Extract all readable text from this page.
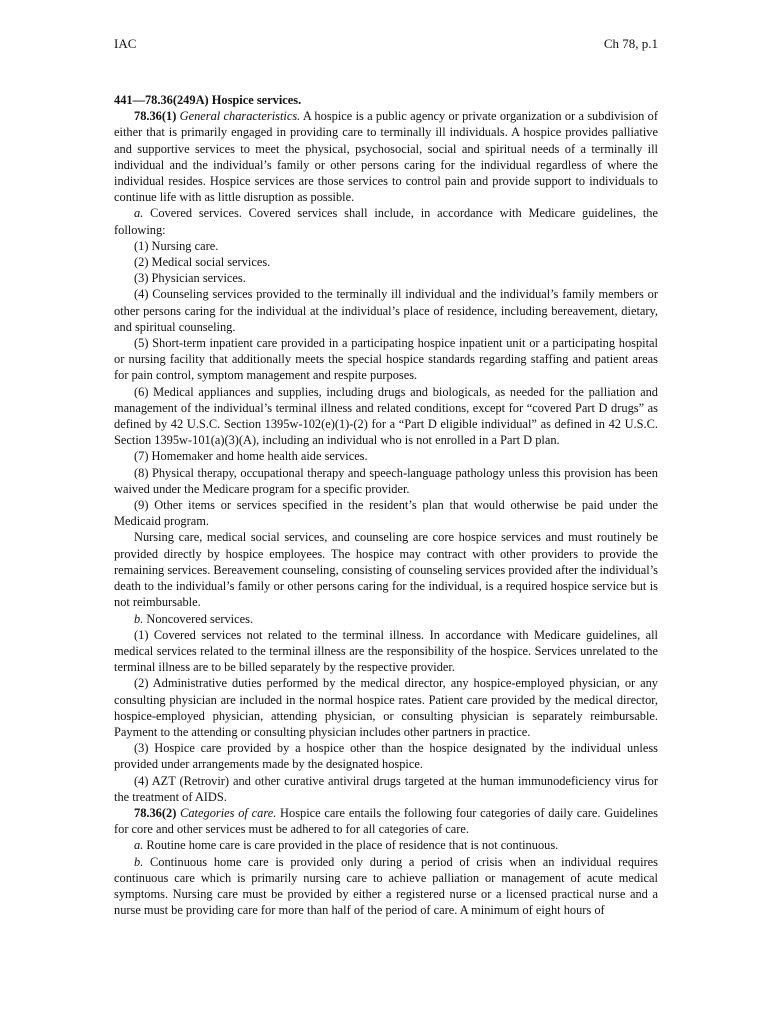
IAC	Ch 78, p.1

441—78.36(249A) Hospice services.

78.36(1) General characteristics. A hospice is a public agency or private organization or a subdivision of either that is primarily engaged in providing care to terminally ill individuals. A hospice provides palliative and supportive services to meet the physical, psychosocial, social and spiritual needs of a terminally ill individual and the individual’s family or other persons caring for the individual regardless of where the individual resides. Hospice services are those services to control pain and provide support to individuals to continue life with as little disruption as possible.

a. Covered services. Covered services shall include, in accordance with Medicare guidelines, the following:

(1) Nursing care.

(2) Medical social services.

(3) Physician services.

(4) Counseling services provided to the terminally ill individual and the individual’s family members or other persons caring for the individual at the individual’s place of residence, including bereavement, dietary, and spiritual counseling.

(5) Short-term inpatient care provided in a participating hospice inpatient unit or a participating hospital or nursing facility that additionally meets the special hospice standards regarding staffing and patient areas for pain control, symptom management and respite purposes.

(6) Medical appliances and supplies, including drugs and biologicals, as needed for the palliation and management of the individual’s terminal illness and related conditions, except for “covered Part D drugs” as defined by 42 U.S.C. Section 1395w-102(e)(1)-(2) for a “Part D eligible individual” as defined in 42 U.S.C. Section 1395w-101(a)(3)(A), including an individual who is not enrolled in a Part D plan.

(7) Homemaker and home health aide services.

(8) Physical therapy, occupational therapy and speech-language pathology unless this provision has been waived under the Medicare program for a specific provider.

(9) Other items or services specified in the resident’s plan that would otherwise be paid under the Medicaid program.

Nursing care, medical social services, and counseling are core hospice services and must routinely be provided directly by hospice employees. The hospice may contract with other providers to provide the remaining services. Bereavement counseling, consisting of counseling services provided after the individual’s death to the individual’s family or other persons caring for the individual, is a required hospice service but is not reimbursable.

b. Noncovered services.

(1) Covered services not related to the terminal illness. In accordance with Medicare guidelines, all medical services related to the terminal illness are the responsibility of the hospice. Services unrelated to the terminal illness are to be billed separately by the respective provider.

(2) Administrative duties performed by the medical director, any hospice-employed physician, or any consulting physician are included in the normal hospice rates. Patient care provided by the medical director, hospice-employed physician, attending physician, or consulting physician is separately reimbursable. Payment to the attending or consulting physician includes other partners in practice.

(3) Hospice care provided by a hospice other than the hospice designated by the individual unless provided under arrangements made by the designated hospice.

(4) AZT (Retrovir) and other curative antiviral drugs targeted at the human immunodeficiency virus for the treatment of AIDS.

78.36(2) Categories of care. Hospice care entails the following four categories of daily care. Guidelines for core and other services must be adhered to for all categories of care.

a. Routine home care is care provided in the place of residence that is not continuous.

b. Continuous home care is provided only during a period of crisis when an individual requires continuous care which is primarily nursing care to achieve palliation or management of acute medical symptoms. Nursing care must be provided by either a registered nurse or a licensed practical nurse and a nurse must be providing care for more than half of the period of care. A minimum of eight hours of
